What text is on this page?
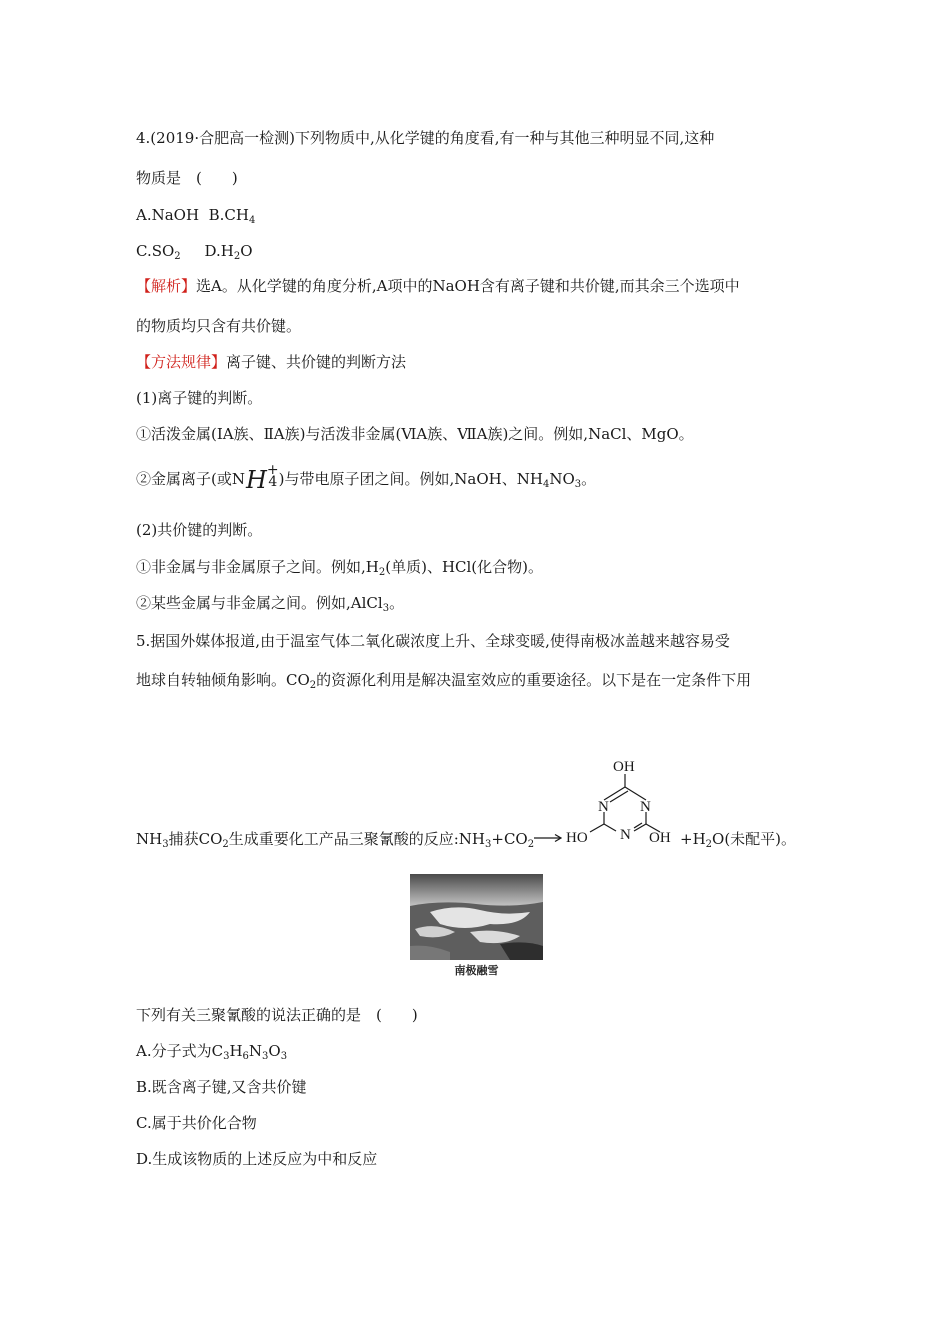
4.(2019·合肥高一检测)下列物质中,从化学键的角度看,有一种与其他三种明显不同,这种
物质是　(　　)
A.NaOH $B.CH_4$
$C.SO_2$ $D.H_2O$
【解析】选A。从化学键的角度分析,A项中的NaOH含有离子键和共价键,而其余三个选项中
的物质均只含有共价键。
【方法规律】离子键、共价键的判断方法
(1)离子键的判断。
①活泼金属(ⅠA族、ⅡA族)与活泼非金属(ⅥA族、ⅦA族)之间。例如,NaCl、MgO。
②金属离子(或NH+
4)与带电原子团之间。例如,NaOH、$NH_4NO_3$。
(2)共价键的判断。
①非金属与非金属原子之间。例如$,H_2$(单质)、HCl(化合物)。
②某些金属与非金属之间。例如,AlCl$_3$。
5.据国外媒体报道,由于温室气体二氧化碳浓度上升、全球变暖,使得南极冰盖越来越容易受
地球自转轴倾角影响。$CO_2$的资源化利用是解决温室效应的重要途径。以下是在一定条件下用
$NH_3$捕获$CO_2$生成重要化工产品三聚氰酸的反应$:NH_3+CO_2$
OH
N N
N
HO	OH $+H_2O$(未配平)。
南极融雪
下列有关三聚氰酸的说法正确的是　(　　)
A.分子式为$C_3H_6N_3O_3$
B.既含离子键,又含共价键
C.属于共价化合物
D.生成该物质的上述反应为中和反应
